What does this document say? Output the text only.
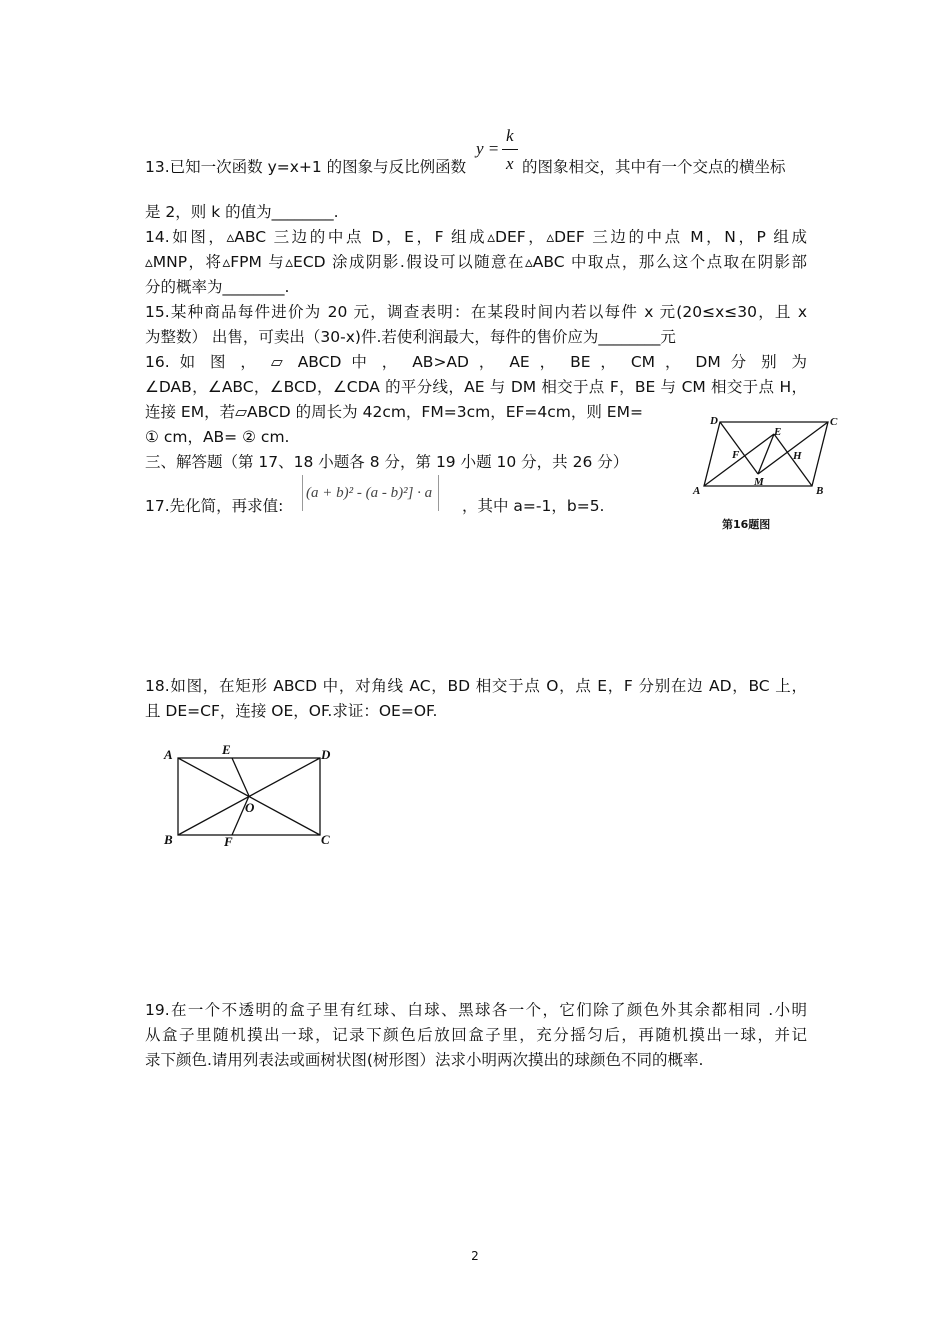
13.已知一次函数 y=x+1 的图象与反比例函数
y =
k
x 的图象相交，其中有一个交点的横坐标
是 2，则 k 的值为________.
14.如图，▵ABC 三边的中点 D，E，F 组成▵DEF，▵DEF 三边的中点 M，N，P 组成
▵MNP，将▵FPM 与▵ECD 涂成阴影.假设可以随意在▵ABC 中取点，那么这个点取在阴影部
分的概率为________.
15.某种商品每件进价为 20 元，调查表明：在某段时间内若以每件 x 元(20≤x≤30，且 x
为整数） 出售，可卖出（30-x)件.若使利润最大，每件的售价应为________元
16. 如 图 ， ▱ ABCD 中 ， AB>AD ， AE ， BE ， CM ， DM 分 别 为
∠DAB，∠ABC，∠BCD，∠CDA 的平分线，AE 与 DM 相交于点 F，BE 与 CM 相交于点 H，
连接 EM，若▱ABCD 的周长为 42cm，FM=3cm，EF=4cm，则 EM=
① cm，AB= ② cm.
D	C
A	B
E
F	H
M
第16题图
三、解答题（第 17、18 小题各 8 分，第 19 小题 10 分，共 26 分）
17.先化简，再求值:
(a + b)² - (a - b)²] · a
，其中 a=-1，b=5.
18.如图，在矩形 ABCD 中，对角线 AC，BD 相交于点 O，点 E，F 分别在边 AD，BC 上，
且 DE=CF，连接 OE，OF.求证：OE=OF.
A	E	D
O
B	F	C
19.在一个不透明的盒子里有红球、白球、黑球各一个，它们除了颜色外其余都相同 .小明
从盒子里随机摸出一球，记录下颜色后放回盒子里，充分摇匀后，再随机摸出一球，并记
录下颜色.请用列表法或画树状图(树形图）法求小明两次摸出的球颜色不同的概率.
2
